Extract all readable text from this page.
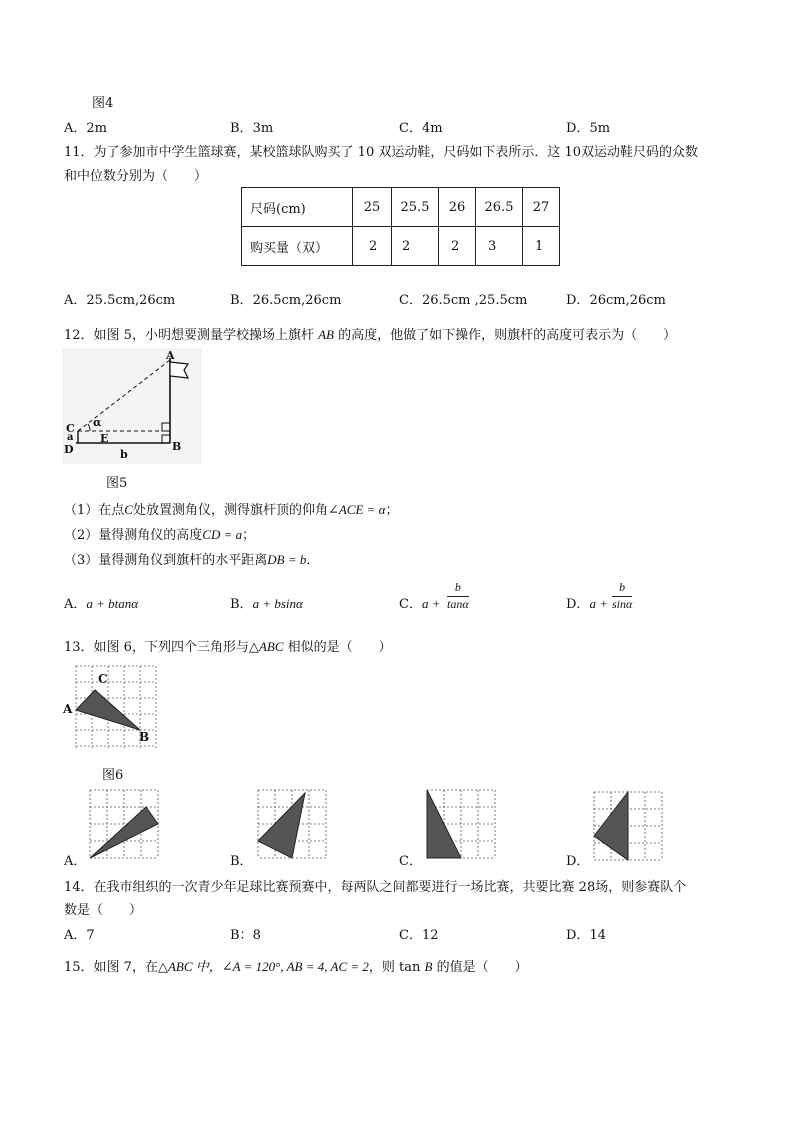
图4
A．2m	B．3m	C．4m	D．5m
11．为了参加市中学生篮球赛，某校篮球队购买了 10 双运动鞋，尺码如下表所示．这 10双运动鞋尺码的众数
和中位数分别为（　　）
尺码(cm)	25	25.5	26	26.5	27
购买量（双）	2	2	2	3	1
A．25.5cm,26cm	B．26.5cm,26cm	C．26.5cm ,25.5cm	D．26cm,26cm
12．如图 5，小明想要测量学校操场上旗杆 AB 的高度，他做了如下操作，则旗杆的高度可表示为（　　）
A
C α
a
D
E
B
b
图5
（1）在点C处放置测角仪，测得旗杆顶的仰角∠ACE = α；
（2）量得测角仪的高度CD = a；
（3）量得测角仪到旗杆的水平距离DB = b．
A．a + btanα	B．a + bsinα	C．$a + \frac{b}{\tan\alpha}$	D．$a + \frac{b}{\sin\alpha}$
13．如图 6，下列四个三角形与△ABC 相似的是（　　）
C
A
B
图6
A．	B．	C．	D．
14．在我市组织的一次青少年足球比赛预赛中，每两队之间都要进行一场比赛，共要比赛 28场，则参赛队个
数是（　　）
A．7	B：8	C．12	D．14
15．如图 7，在△ABC 中，∠A = 120°, AB = 4, AC = 2，则 tan B 的值是（　　）
